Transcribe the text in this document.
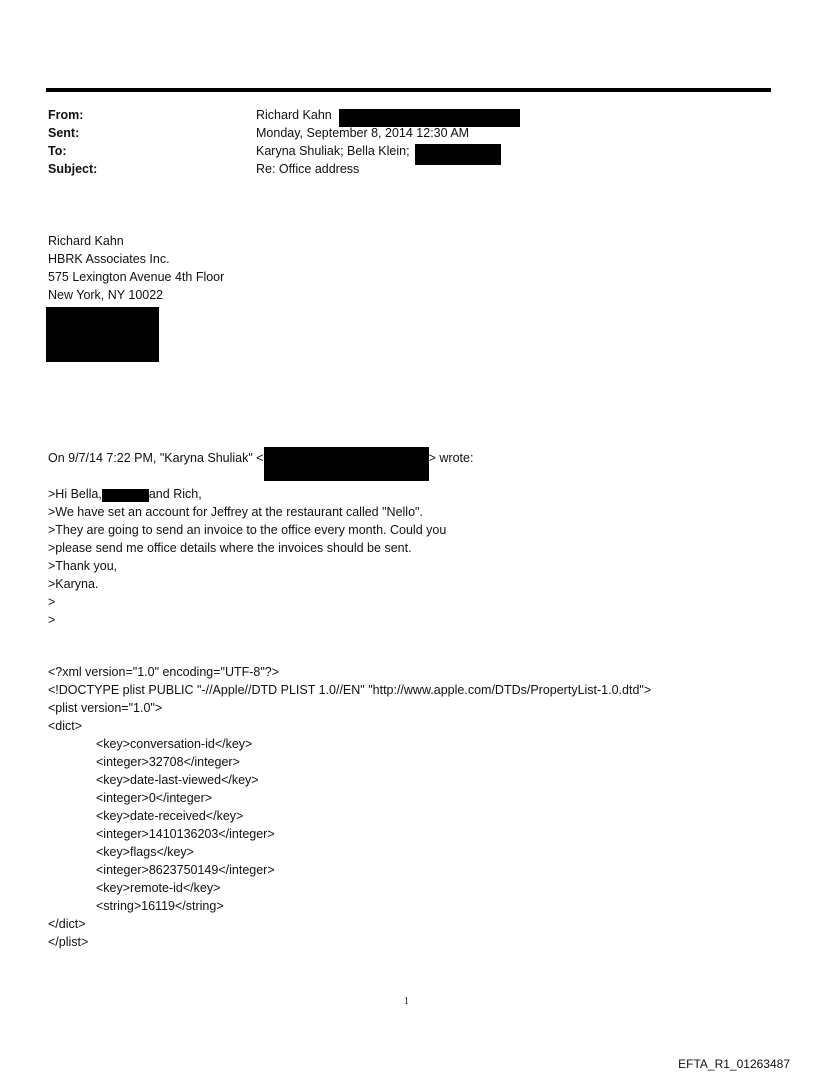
From:	Richard Kahn
Sent:	Monday, September 8, 2014 12:30 AM
To:	Karyna Shuliak; Bella Klein;
Subject:	Re: Office address
Richard Kahn
HBRK Associates Inc.
575 Lexington Avenue 4th Floor
New York, NY 10022
On 9/7/14 7:22 PM, "Karyna Shuliak" <	> wrote:
>Hi Bella,	and Rich,
>We have set an account for Jeffrey at the restaurant called "Nello".
>They are going to send an invoice to the office every month. Could you
>please send me office details where the invoices should be sent.
>Thank you,
>Karyna.
>
>
<?xml version="1.0" encoding="UTF-8"?>
<!DOCTYPE plist PUBLIC "-//Apple//DTD PLIST 1.0//EN" "http://www.apple.com/DTDs/PropertyList-1.0.dtd">
<plist version="1.0">
<dict>
<key>conversation-id</key>
<integer>32708</integer>
<key>date-last-viewed</key>
<integer>0</integer>
<key>date-received</key>
<integer>1410136203</integer>
<key>flags</key>
<integer>8623750149</integer>
<key>remote-id</key>
<string>16119</string>
</dict>
</plist>
1
EFTA_R1_01263487
